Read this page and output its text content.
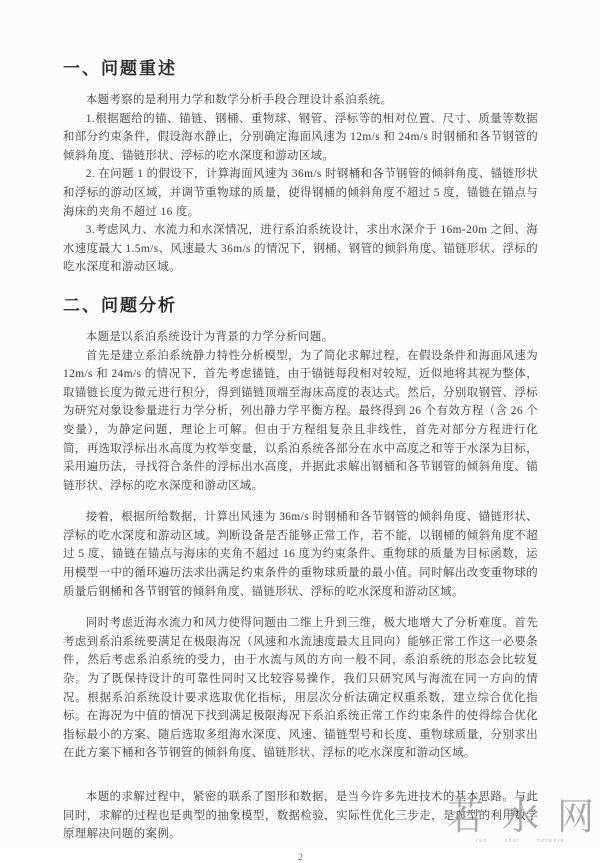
一、问题重述

本题考察的是利用力学和数学分析手段合理设计系泊系统。

1.根据题给的锚、锚链、钢桶、重物球、钢管、浮标等的相对位置、尺寸、质量等数据和部分约束条件，假设海水静止，分别确定海面风速为 12m/s 和 24m/s 时钢桶和各节钢管的倾斜角度、锚链形状、浮标的吃水深度和游动区域。

2. 在问题 1 的假设下，计算海面风速为 36m/s 时钢桶和各节钢管的倾斜角度、锚链形状和浮标的游动区域，并调节重物球的质量，使得钢桶的倾斜角度不超过 5 度，锚链在锚点与海床的夹角不超过 16 度。

3.考虑风力、水流力和水深情况，进行系泊系统设计，求出水深介于 16m-20m 之间、海水速度最大 1.5m/s、风速最大 36m/s 的情况下，钢桶、钢管的倾斜角度、锚链形状、浮标的吃水深度和游动区域。

二、问题分析

本题是以系泊系统设计为背景的力学分析问题。

首先是建立系泊系统静力特性分析模型，为了简化求解过程，在假设条件和海面风速为 12m/s 和 24m/s 的情况下，首先考虑锚链，由于锚链每段相对较短，近似地将其视为整体，取锚链长度为微元进行积分，得到锚链顶端至海床高度的表达式。然后，分别取钢管、浮标为研究对象设参量进行力学分析，列出静力学平衡方程。最终得到 26 个有效方程（含 26 个变量），为静定问题，理论上可解。但由于方程组复杂且非线性，首先对部分方程进行化简，再选取浮标出水高度为枚举变量，以系泊系统各部分在水中高度之和等于水深为目标，采用遍历法，寻找符合条件的浮标出水高度，并据此求解出钢桶和各节钢管的倾斜角度、锚链形状、浮标的吃水深度和游动区域。

接着，根据所给数据，计算出风速为 36m/s 时钢桶和各节钢管的倾斜角度、锚链形状、浮标的吃水深度和游动区域。判断设备是否能够正常工作，若不能，以钢桶的倾斜角度不超过 5 度、锚链在锚点与海床的夹角不超过 16 度为约束条件、重物球的质量为目标函数，运用模型一中的循环遍历法求出满足约束条件的重物球质量的最小值。同时解出改变重物球的质量后钢桶和各节钢管的倾斜角度、锚链形状、浮标的吃水深度和游动区域。

同时考虑近海水流力和风力使得问题由二维上升到三维，极大地增大了分析难度。首先考虑到系泊系统要满足在极限海况（风速和水流速度最大且同向）能够正常工作这一必要条件，然后考虑系泊系统的受力，由于水流与风的方向一般不同，系泊系统的形态会比较复杂。为了既保持设计的可靠性同时又比较容易操作，我们只研究风与海流在同一方向的情况。根据系泊系统设计要求选取优化指标，用层次分析法确定权重系数，建立综合优化指标。在海况为中值的情况下找到满足极限海况下系泊系统正常工作约束条件的使得综合优化指标最小的方案、随后选取多组海水深度、风速、锚链型号和长度、重物球质量，分别求出在此方案下桶和各节钢管的倾斜角度、锚链形状、浮标的吃水深度和游动区域。

本题的求解过程中，紧密的联系了图形和数据，是当今许多先进技术的基本思路。与此同时，求解的过程也是典型的抽象模型，数据检验，实际性优化三步走，是典型的利用数学原理解决问题的案例。

2
若水网
ruo shui network
